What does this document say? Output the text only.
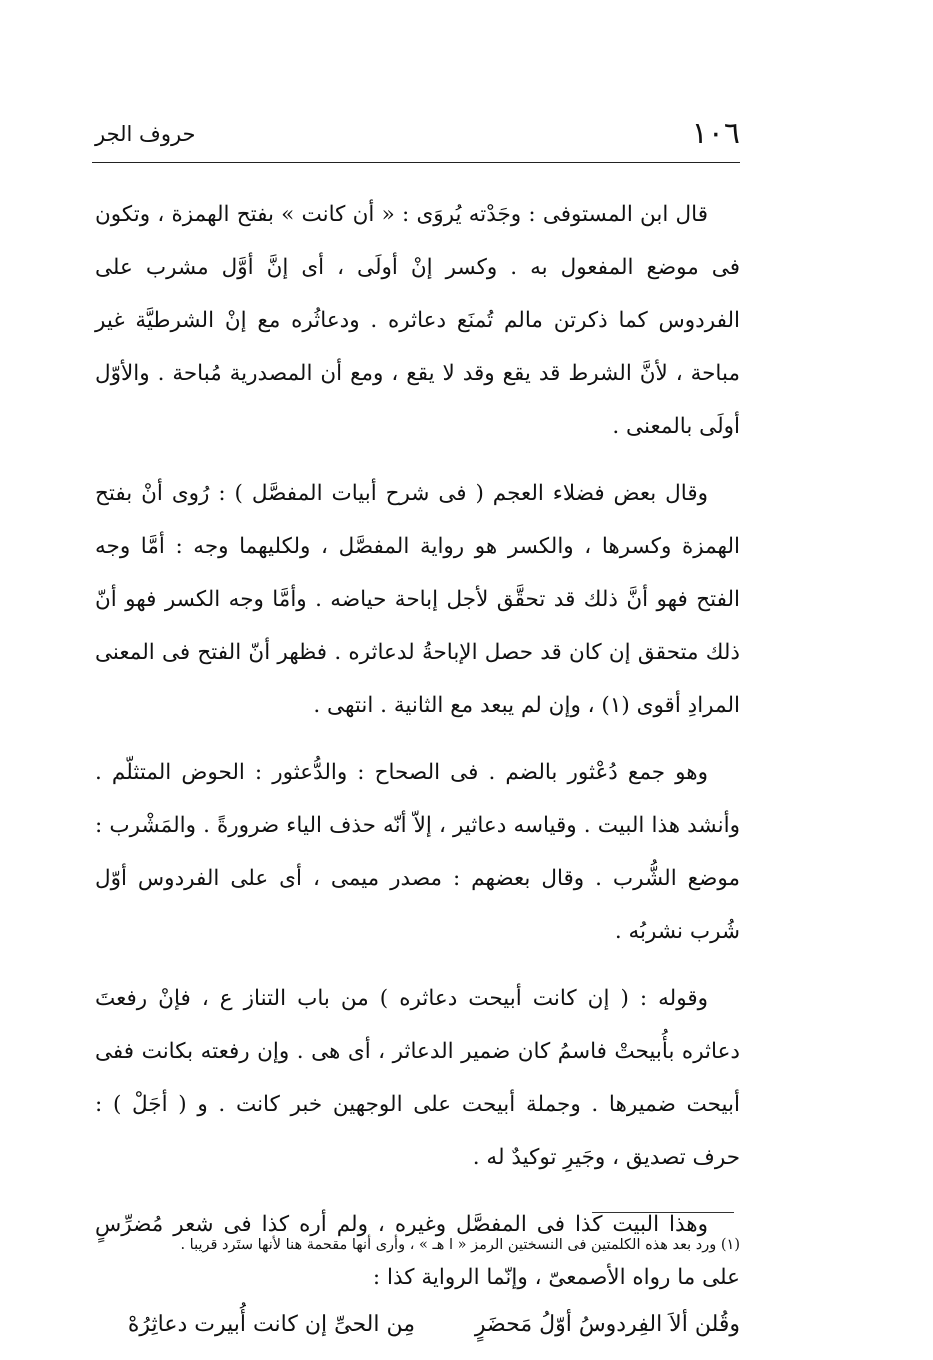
١٠٦
حروف الجر

قال ابن المستوفى : وجَدْته يُروَى : « أن كانت » بفتح الهمزة ، وتكون فى موضع المفعول به . وكسر إنْ أولَى ، أى إنَّ أوَّل مشرب على الفردوس كما ذكرتن مالم تُمنَع دعاثره . ودعاثُره مع إنْ الشرطيَّة غير مباحة ، لأنَّ الشرط قد يقع وقد لا يقع ، ومع أن المصدرية مُباحة . والأوّل أولَى بالمعنى .

وقال بعض فضلاء العجم ( فى شرح أبيات المفصَّل ) : رُوى أنْ بفتح الهمزة وكسرها ، والكسر هو رواية المفصَّل ، ولكليهما وجه : أمَّا وجه الفتح فهو أنَّ ذلك قد تحقَّق لأجل إباحة حياضه . وأمَّا وجه الكسر فهو أنّ ذلك متحقق إن كان قد حصل الإباحةُ لدعاثره . فظهر أنّ الفتح فى المعنى المرادِ أقوى (١) ، وإن لم يبعد مع الثانية . انتهى .

وهو جمع دُعْثور بالضم . فى الصحاح : والدُّعثور : الحوض المتثلّم . وأنشد هذا البيت . وقياسه دعاثير ، إلاّ أنّه حذف الياء ضرورةً . والمَشْرب : موضع الشُّرب . وقال بعضهم : مصدر ميمى ، أى على الفردوس أوّل شُرب نشربُه .

وقوله : ( إن كانت أبيحت دعاثره ) من باب التناز ع ، فإنْ رفعتَ دعاثره بأُبيحتْ فاسمُ كان ضمير الدعاثر ، أى هى . وإن رفعته بكانت ففى أبيحت ضميرها . وجملة أبيحت على الوجهين خبر كانت . و ( أجَلْ ) : حرف تصديق ، وجَيرِ توكيدٌ له .

وهذا البيت كذا فى المفصَّل وغيره ، ولم أره كذا فى شعر مُضرِّسٍ على ما رواه الأصمعىّ ، وإنّما الرواية كذا :

وقُلن ألاَ الفِردوسُ أوّلُ مَحضَرٍ
مِن الحىِّ إن كانت أُبيرت دعاثِرُهْ
(١) ورد بعد هذه الكلمتين فى النسختين الرمز « ا هـ » ، وأرى أنها مقحمة هنا لأنها ستَرد قريبا .
